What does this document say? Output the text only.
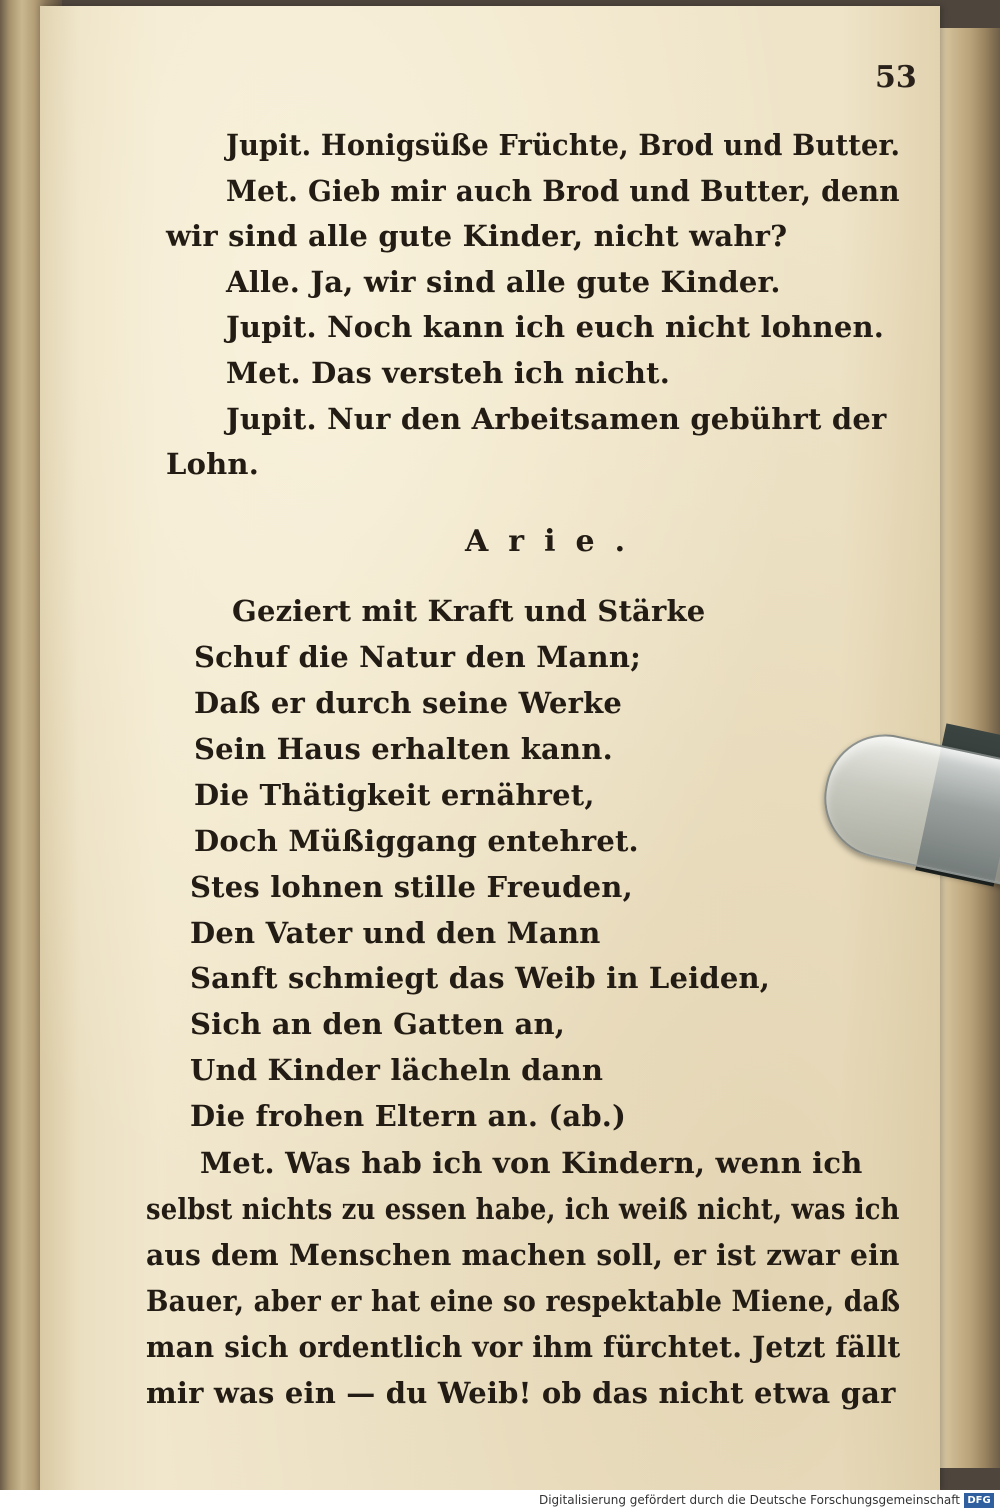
53
Jupit. Honigsüße Früchte, Brod und Butter.
Met. Gieb mir auch Brod und Butter, denn
wir sind alle gute Kinder, nicht wahr?
Alle. Ja, wir sind alle gute Kinder.
Jupit. Noch kann ich euch nicht lohnen.
Met. Das versteh ich nicht.
Jupit. Nur den Arbeitsamen gebührt der
Lohn.
Arie.
Geziert mit Kraft und Stärke
Schuf die Natur den Mann;
Daß er durch seine Werke
Sein Haus erhalten kann.
Die Thätigkeit ernähret,
Doch Müßiggang entehret.
Stes lohnen stille Freuden,
Den Vater und den Mann
Sanft schmiegt das Weib in Leiden,
Sich an den Gatten an,
Und Kinder lächeln dann
Die frohen Eltern an. (ab.)
Met. Was hab ich von Kindern, wenn ich
selbst nichts zu essen habe, ich weiß nicht, was ich
aus dem Menschen machen soll, er ist zwar ein
Bauer, aber er hat eine so respektable Miene, daß
man sich ordentlich vor ihm fürchtet. Jetzt fällt
mir was ein — du Weib! ob das nicht etwa gar
Digitalisierung gefördert durch die Deutsche Forschungsgemeinschaft DFG
